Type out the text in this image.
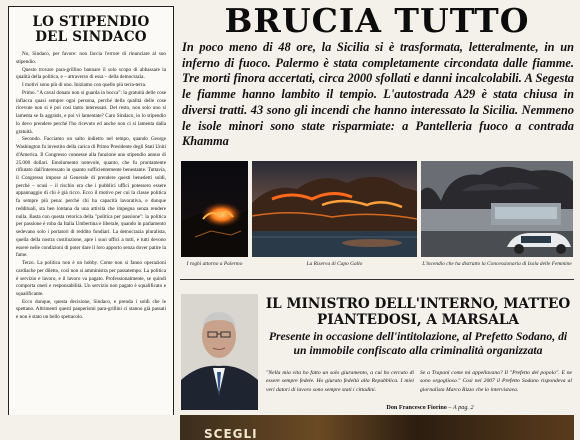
LO STIPENDIO DEL SINDACO

No, Sindaco, per favore: non faccia l'errore di rinunciare al suo stipendio.

Questo trovare para-grillino bannare il solo scopo di abbassare la qualità della politica, e – attraverso di essa – della democrazia.

I motivi sono più di uno. Iniziamo con quello più terra-terra.

Primo. "A caval donato non si guarda in bocca": la gratuità delle cose infiacca quasi sempre ogni persona, perché della qualità delle cose ricevute non si è poi così tanto interessati. Del resto, non solo uno si lamenta se fa aggratis, e poi vi lamentate? Caro Sindaco, io lo stipendio lo devo prendere perché l'ho ricevuto ed anche non ci si lamenta dalla gratuità.

Secondo. Facciamo un salto indietro nel tempo, quando George Washington fu investito della carica di Primo Presidente degli Stati Uniti d'America. Il Congresso connesse alla funzione uno stipendio annuo di 25.000 dollari. Emolumento notevole, quanto, che fu prontamente rifiutato dall'interessato in quanto sufficientemente benestante. Tuttavia, il Congresso impose al Generale di prendere questi benedetti soldi, perché – scusi – il rischio era che i pubblici uffici potessero essere appannaggio di chi è già ricco. Ecco il motivo per cui la classe politica fa sempre più pena: perché chi ha capacità lavorativa, e dunque reddituali, sta ben lontana da una attività che impegna senza rendere nulla. Basta con questa retorica della "politica per passione": la politica per passione è roba da Italia Umbertina e liberale, quando in parlamento sedevano solo i portatori di reddito fondiari. La democrazia pluralista, quella della nostra costituzione, apre i suoi uffici a tutti, e tutti devono essere nelle condizioni di poter dare il loro apporto senza dover patire la fame.

Terzo. La politica non è un hobby. Come non si fanno operazioni cardiache per diletto, così non si amministra per passatempo. La politica è servizio e lavoro, e il lavoro va pagato. Professionalmente, se quindi comporta oneri e responsabilità. Un servizio non pagato è squalificato e squalificante.

Ecco dunque, questa decisione, Sindaco, e prenda i soldi che le spettano. Altrimenti questi pauperismi para-grillini ci stanno già passati e non è stato un bello spettacolo.

BRUCIA TUTTO
In poco meno di 48 ore, la Sicilia si è trasformata, letteralmente, in un inferno di fuoco. Palermo è stata completamente circondata dalle fiamme. Tre morti finora accertati, circa 2000 sfollati e danni incalcolabili. A Segesta le fiamme hanno lambito il tempio. L'autostrada A29 è stata chiusa in diversi tratti. 43 sono gli incendi che hanno interessato la Sicilia. Nemmeno le isole minori sono state risparmiate: a Pantelleria fuoco a contrada Khamma
I roghi attorno a Palermo	La Riserva di Capo Gallo	L'incendio che ha distrutto la Concessionaria di Isola delle Femmine
IL MINISTRO DELL'INTERNO, MATTEO PIANTEDOSI, A MARSALA
Presente in occasione dell'intitolazione, al Prefetto Sodano, di un immobile confiscato alla criminalità organizzata
"Nella mia vita ho fatto un solo giuramento, a cui ho cercato di essere sempre fedele. Ho giurato fedeltà alla Repubblica. I miei veri datori di lavoro sono sempre stati i cittadini.
Se a Trapani come mi appellavano? Il "Prefetto del popolo". E ne sono orgoglioso." Così nel 2007 il Prefetto Sodano rispondeva al giornalista Marco Rizzo che lo intervistava.
Don Francesco Fiorino – A pag. 2
SCEGLI
